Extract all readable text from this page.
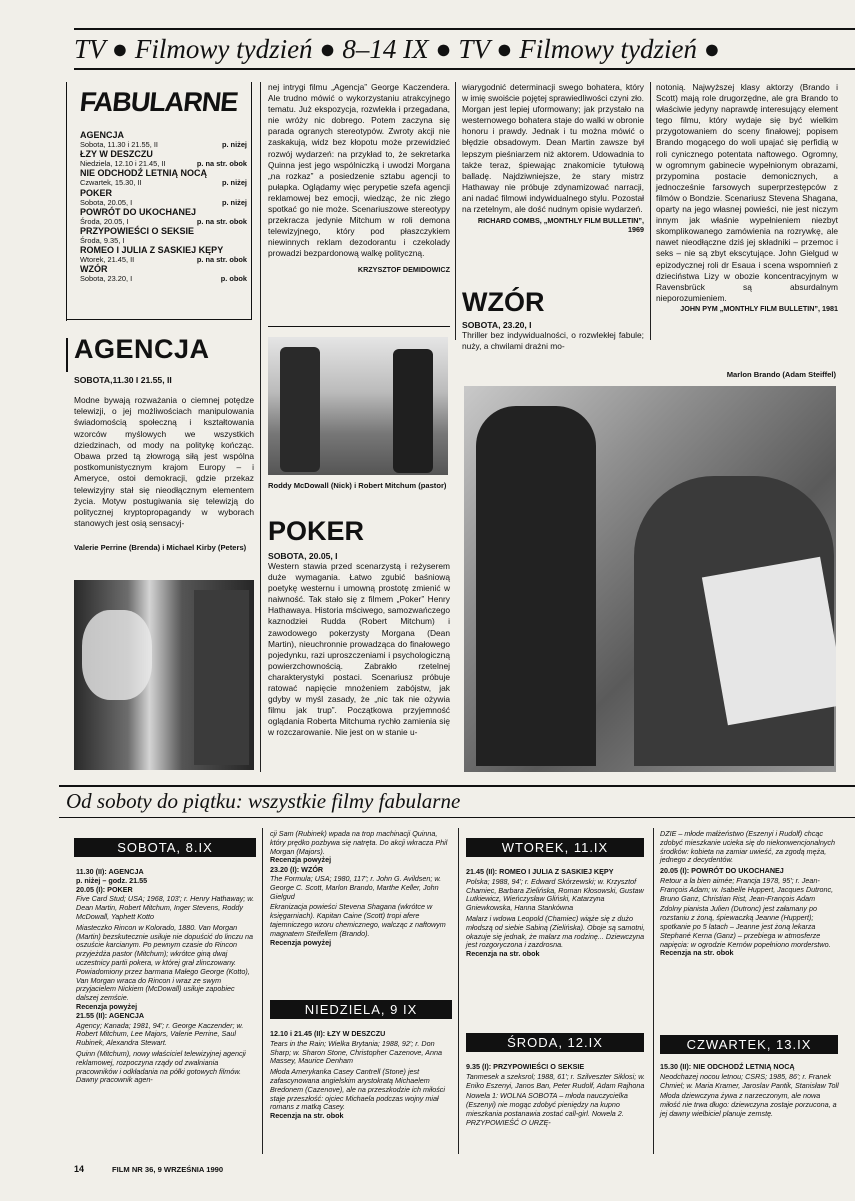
TV ● Filmowy tydzień ● 8–14 IX ● TV ● Filmowy tydzień ●
FABULARNE
AGENCJA
Sobota, 11.30 i 21.55, II	p. niżej
ŁZY W DESZCZU
Niedziela, 12.10 i 21.45, II	p. na str. obok
NIE ODCHODŹ LETNIĄ NOCĄ
Czwartek, 15.30, II	p. niżej
POKER
Sobota, 20.05, I	p. niżej
POWRÓT DO UKOCHANEJ
Środa, 20.05, I	p. na str. obok
PRZYPOWIEŚCI O SEKSIE
Środa, 9.35, I
ROMEO I JULIA Z SASKIEJ KĘPY
Wtorek, 21.45, II	p. na str. obok
WZÓR
Sobota, 23.20, I	p. obok
AGENCJA
SOBOTA,11.30 I 21.55, II
Modne bywają rozważania o ciemnej potędze telewizji, o jej możliwościach manipulowania świadomością społeczną i kształtowania wzorców myślowych we wszystkich dziedzinach, od mody na politykę kończąc. Obawa przed tą złowrogą siłą jest wspólna postkomunistycznym krajom Europy – i Ameryce, ostoi demokracji, gdzie przekaz telewizyjny stał się nieodłącznym elementem życia. Motyw postugiwania się telewizją do politycznej kryptopropagandy w wyborach stanowych jest osią sensacyj-
Valerie Perrine (Brenda) i Michael Kirby (Peters)
nej intrygi filmu „Agencja” George Kaczendera. Ale trudno mówić o wykorzystaniu atrakcyjnego tematu. Już ekspozycja, rozwlekła i przegadana, nie wróży nic dobrego. Potem zaczyna się parada ogranych stereotypów. Zwroty akcji nie zaskakują, widz bez kłopotu może przewidzieć rozwój wydarzeń: na przykład to, że sekretarka Quinna jest jego wspólniczką i uwodzi Morgana „na rozkaz” a posiedzenie sztabu agencji to pułapka. Oglądamy więc perypetie szefa agencji reklamowej bez emocji, wiedząc, że nic złego spotkać go nie może. Scenariuszowe stereotypy przekracza jedynie Mitchum w roli demona telewizyjnego, który pod płaszczykiem niewinnych reklam dezodorantu i czekolady prowadzi bezpardonową walkę polityczną.
KRZYSZTOF DEMIDOWICZ
Roddy McDowall (Nick) i Robert Mitchum (pastor)
POKER
SOBOTA, 20.05, I
Western stawia przed scenarzystą i reżyserem duże wymagania. Łatwo zgubić baśniową poetykę westernu i umowną prostotę zmienić w naiwność. Tak stało się z filmem „Poker” Henry Hathawaya. Historia mściwego, samozwańczego kaznodziei Rudda (Robert Mitchum) i zawodowego pokerzysty Morgana (Dean Martin), nieuchronnie prowadząca do finałowego pojedynku, razi uproszczeniami i psychologiczną powierzchownością. Zabrakło rzetelnej charakterystyki postaci. Scenariusz próbuje ratować napięcie mnożeniem zabójstw, jak gdyby w myśl zasady, że „nic tak nie ożywia filmu jak trup”. Początkowa przyjemność oglądania Roberta Mitchuma rychło zamienia się w rozczarowanie. Nie jest on w stanie u-
wiarygodnić determinacji swego bohatera, który w imię swoiście pojętej sprawiedliwości czyni zło. Morgan jest lepiej uformowany; jak przystało na westernowego bohatera staje do walki w obronie honoru i prawdy. Jednak i tu można mówić o błędzie obsadowym. Dean Martin zawsze był lepszym pieśniarzem niż aktorem. Udowadnia to także teraz, śpiewając znakomicie tytułową balladę. Najdziwniejsze, że stary mistrz Hathaway nie próbuje zdynamizować narracji, ani nadać filmowi indywidualnego stylu. Pozostał na rzetelnym, ale dość nudnym opisie wydarzeń.
RICHARD COMBS, „MONTHLY FILM BULLETIN”, 1969
WZÓR
SOBOTA, 23.20, I
Thriller bez indywidualności, o rozwlekłej fabule; nuży, a chwilami drażni mo-
notonią. Najwyższej klasy aktorzy (Brando i Scott) mają role drugorzędne, ale gra Brando to właściwie jedyny naprawdę interesujący element tego filmu, który wydaje się być wielkim przygotowaniem do sceny finałowej; popisem Brando mogącego do woli upajać się perfidią w roli cynicznego potentata naftowego. Ogromny, w ogromnym gabinecie wypełnionym obrazami, przypomina postacie demonicznych, a jednocześnie farsowych superprzestępców z filmów o Bondzie. Scenariusz Stevena Shagana, oparty na jego własnej powieści, nie jest niczym innym jak właśnie wypełnieniem niezbyt skomplikowanego zamówienia na rozrywkę, ale nawet nieodłączne dziś jej składniki – przemoc i seks – nie są zbyt ekscytujące. John Gielgud w epizodycznej roli dr Esaua i scena wspomnień z dzieciństwa Lizy w obozie koncentracyjnym w Ravensbrück są absurdalnym nieporozumieniem.
JOHN PYM „MONTHLY FILM BULLETIN”, 1981
Marlon Brando (Adam Steiffel)
Od soboty do piątku: wszystkie filmy fabularne
SOBOTA, 8.IX
11.30 (II): AGENCJA
p. niżej – godz. 21.55
20.05 (I): POKER
Five Card Stud; USA; 1968, 103'; r. Henry Hathaway; w. Dean Martin, Robert Mitchum, Inger Stevens, Roddy McDowall, Yaphett Kotto
Miasteczko Rincon w Kolorado, 1880. Van Morgan (Martin) bezskutecznie usiłuje nie dopuścić do linczu na oszuście karcianym. Po pewnym czasie do Rincon przyjeżdża pastor (Mitchum); wkrótce giną dwaj uczestnicy partii pokera, w której grał zlinczowany. Powiadomiony przez barmana Małego George (Kotto), Van Morgan wraca do Rincon i wraz ze swym przyjacielem Nickiem (McDowall) usiłuje zapobiec dalszej zemście.
Recenzja powyżej
21.55 (II): AGENCJA
Agency; Kanada; 1981, 94'; r. George Kaczender; w. Robert Mitchum, Lee Majors, Valerie Perrine, Saul Rubinek, Alexandra Stewart.
Quinn (Mitchum), nowy właściciel telewizyjnej agencji reklamowej, rozpoczyna rządy od zwalniania pracowników i odkładania na półki gotowych filmów. Dawny pracownik agen-
cji Sam (Rubinek) wpada na trop machinacji Quinna, który prędko pozbywa się natręta. Do akcji wkracza Phil Morgan (Majors).
Recenzja powyżej
23.20 (I): WZÓR
The Formula; USA; 1980, 117'; r. John G. Avildsen; w. George C. Scott, Marlon Brando, Marthe Keller, John Gielgud
Ekranizacja powieści Stevena Shagana (wkrótce w księgarniach). Kapitan Caine (Scott) tropi afere tajemniczego wzoru chemicznego, walcząc z naftowym magnatem Steifellem (Brando).
Recenzja powyżej
NIEDZIELA, 9 IX
12.10 i 21.45 (II): ŁZY W DESZCZU
Tears in the Rain; Wielka Brytania; 1988, 92'; r. Don Sharp; w. Sharon Stone, Christopher Cazenove, Anna Massey, Maurice Denham
Młoda Amerykanka Casey Cantrell (Stone) jest zafascynowana angielskim arystokratą Michaelem Bredonem (Cazenove), ale na przeszkodzie ich miłości staje przeszłość: ojciec Michaela podczas wojny miał romans z matką Casey.
Recenzja na str. obok
WTOREK, 11.IX
21.45 (II): ROMEO I JULIA Z SASKIEJ KĘPY
Polska; 1988, 94'; r. Edward Skórzewski; w. Krzysztof Chamiec, Barbara Zielińska, Roman Kłosowski, Gustaw Lutkiewicz, Wieńczysław Gliński, Katarzyna Gniewkowska, Hanna Stankówna
Malarz i wdowa Leopold (Chamiec) wiąże się z dużo młodszą od siebie Sabiną (Zielińska). Oboje są samotni, okazuje się jednak, że malarz ma rodzinę... Dziewczyna jest rozgoryczona i zazdrosna.
Recenzja na str. obok
ŚRODA, 12.IX
9.35 (I): PRZYPOWIEŚCI O SEKSIE
Tanmesek a szeksrol; 1988, 61'; r. Szilveszter Siklosi; w. Eniko Eszenyi, Janos Ban, Peter Rudolf, Adam Rajhona
Nowela 1: WOLNA SOBOTA – młoda nauczycielka (Eszenyi) nie mogąc zdobyć pieniędzy na kupno mieszkania postanawia zostać call-girl. Nowela 2. PRZYPOWIEŚĆ O URZĘ-
DZIE – młode małżeństwo (Eszenyi i Rudolf) chcąc zdobyć mieszkanie ucieka się do niekonwencjonalnych środków: kobieta na zamiar uwieść, za zgodą męża, jednego z decydentów.
20.05 (I): POWRÓT DO UKOCHANEJ
Retour a la bien aimée; Francja 1978, 95'; r. Jean-François Adam; w. Isabelle Huppert, Jacques Dutronc, Bruno Ganz, Christian Rist, Jean-François Adam
Zdolny pianista Julien (Dutronc) jest załamany po rozstaniu z żoną, śpiewaczką Jeanne (Huppert); spotkanie po 5 latach – Jeanne jest żoną lekarza Stephané Kerna (Ganz) – przebiega w atmosferze napięcia: w ogrodzie Kernów popełniono morderstwo.
Recenzja na str. obok
CZWARTEK, 13.IX
15.30 (II): NIE ODCHODŹ LETNIĄ NOCĄ
Neodchazej nocou letnou; CSRS; 1985, 86'; r. Franek Chmiel; w. Maria Kramer, Jaroslav Pantik, Stanisław Toll
Młoda dziewczyna żywa z narzeczonym, ale nowa miłość nie trwa długo: dziewczyna zostaje porzucona, a jej dawny wielbiciel planuje zemstę.
14	FILM NR 36, 9 WRZEŚNIA 1990
